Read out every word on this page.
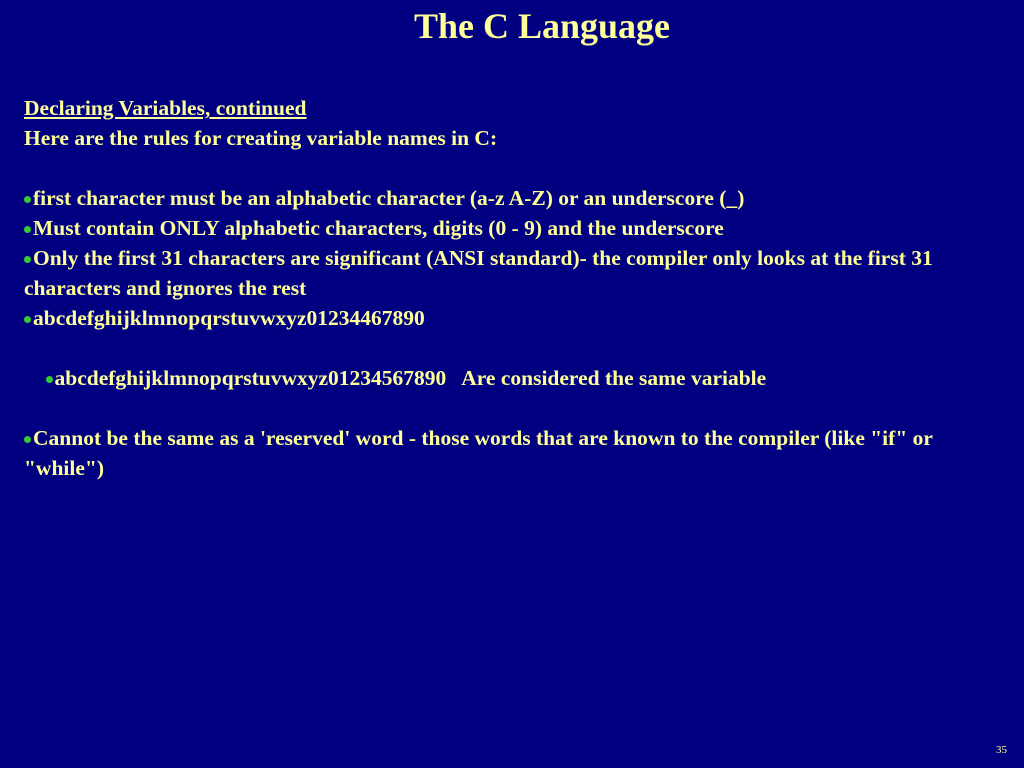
The C Language
Declaring Variables, continued
Here are the rules for creating variable names in C:
first character must be an alphabetic character (a-z A-Z) or an underscore (_)
Must contain ONLY alphabetic characters, digits (0 - 9) and the underscore
Only the first 31 characters are significant (ANSI standard)- the compiler only looks at the first 31 characters and ignores the rest
abcdefghijklmnopqrstuvwxyz01234467890

abcdefghijklmnopqrstuvwxyz01234567890   Are considered the same variable

Cannot be the same as a 'reserved' word - those words that are known to the compiler (like "if" or "while")
35
